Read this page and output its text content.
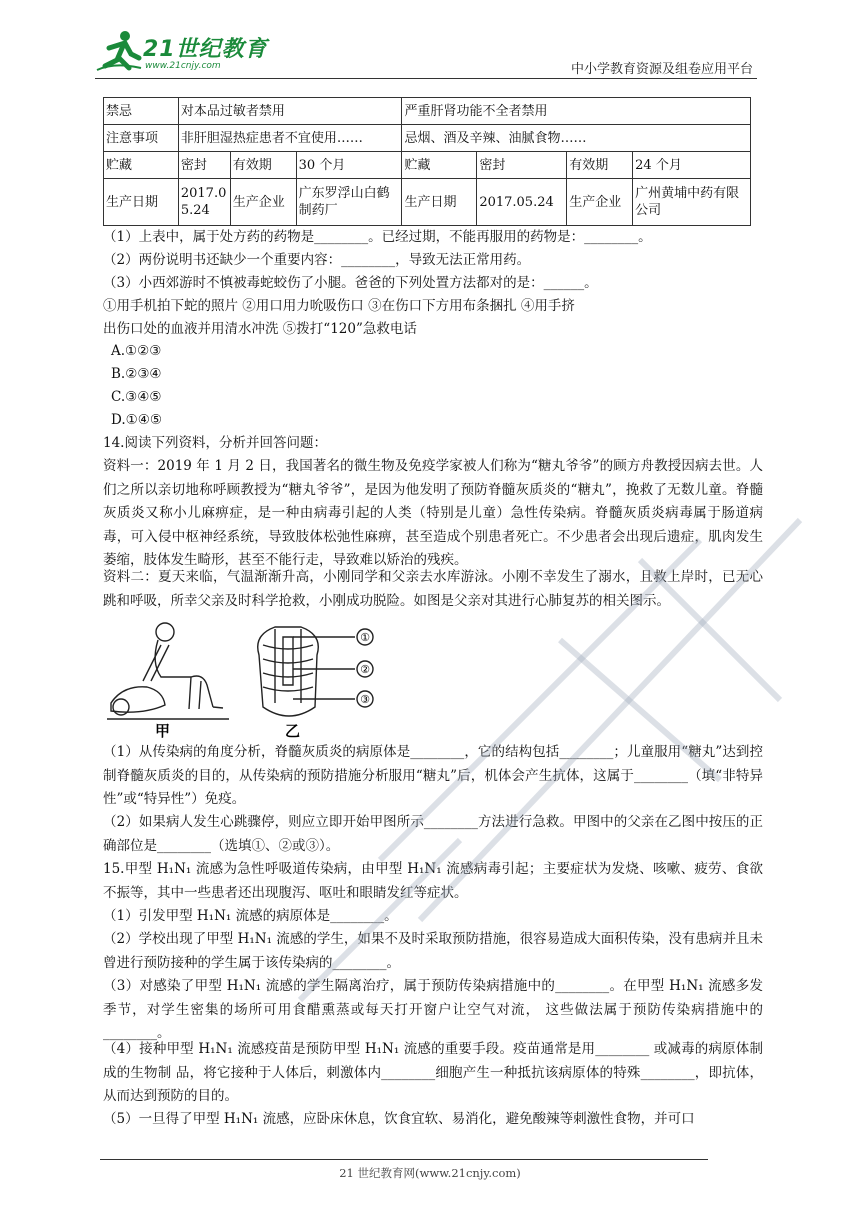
21世纪教育
www.21cnjy.com	中小学教育资源及组卷应用平台
禁忌	对本品过敏者禁用			严重肝肾功能不全者禁用			
注意事项	非肝胆湿热症患者不宜使用……			忌烟、酒及辛辣、油腻食物……			
贮藏	密封	有效期	30 个月	贮藏	密封	有效期	24 个月
生产日期	2017.05.24	生产企业	广东罗浮山白鹤制药厂	生产日期	2017.05.24	生产企业	广州黄埔中药有限公司
（1）上表中，属于处方药的药物是________。已经过期，不能再服用的药物是：________。
（2）两份说明书还缺少一个重要内容：________，导致无法正常用药。
（3）小西郊游时不慎被毒蛇蛟伤了小腿。爸爸的下列处置方法都对的是：______。
①用手机拍下蛇的照片 ②用口用力吮吸伤口 ③在伤口下方用布条捆扎 ④用手挤
出伤口处的血液并用清水冲洗 ⑤拨打“120”急救电话
A.①②③
B.②③④
C.③④⑤
D.①④⑤
14.阅读下列资料，分析并回答问题：
资料一：2019 年 1 月 2 日，我国著名的微生物及免疫学家被人们称为“糖丸爷爷”的顾方舟教授因病去世。人们之所以亲切地称呼顾教授为“糖丸爷爷”，是因为他发明了预防脊髓灰质炎的“糖丸”，挽救了无数儿童。脊髓灰质炎又称小儿麻痹症，是一种由病毒引起的人类（特别是儿童）急性传染病。脊髓灰质炎病毒属于肠道病毒，可入侵中枢神经系统，导致肢体松弛性麻痹，甚至造成个别患者死亡。不少患者会出现后遗症，肌肉发生萎缩，肢体发生畸形，甚至不能行走，导致难以矫治的残疾。
资料二：夏天来临，气温渐渐升高，小刚同学和父亲去水库游泳。小刚不幸发生了溺水，且救上岸时，已无心跳和呼吸，所幸父亲及时科学抢救，小刚成功脱险。如图是父亲对其进行心肺复苏的相关图示。
①
②
③
甲	乙
（1）从传染病的角度分析，脊髓灰质炎的病原体是________，它的结构包括________；儿童服用“糖丸”达到控制脊髓灰质炎的目的，从传染病的预防措施分析服用“糖丸”后，机体会产生抗体，这属于________（填“非特异性”或“特异性”）免疫。
（2）如果病人发生心跳骤停，则应立即开始甲图所示________方法进行急救。甲图中的父亲在乙图中按压的正确部位是________（选填①、②或③）。
15.甲型 H₁N₁ 流感为急性呼吸道传染病，由甲型 H₁N₁ 流感病毒引起；主要症状为发烧、咳嗽、疲劳、食欲不振等，其中一些患者还出现腹泻、呕吐和眼睛发红等症状。
（1）引发甲型 H₁N₁ 流感的病原体是________。
（2）学校出现了甲型 H₁N₁ 流感的学生，如果不及时采取预防措施，很容易造成大面积传染，没有患病并且未曾进行预防接种的学生属于该传染病的________。
（3）对感染了甲型 H₁N₁ 流感的学生隔离治疗，属于预防传染病措施中的________。在甲型 H₁N₁ 流感多发季节，对学生密集的场所可用食醋熏蒸或每天打开窗户让空气对流， 这些做法属于预防传染病措施中的________。
（4）接种甲型 H₁N₁ 流感疫苗是预防甲型 H₁N₁ 流感的重要手段。疫苗通常是用________ 或减毒的病原体制成的生物制 品，将它接种于人体后，刺激体内________细胞产生一种抵抗该病原体的特殊________，即抗体，从而达到预防的目的。
（5）一旦得了甲型 H₁N₁ 流感，应卧床休息，饮食宜软、易消化，避免酸辣等刺激性食物，并可口
21 世纪教育网(www.21cnjy.com)
